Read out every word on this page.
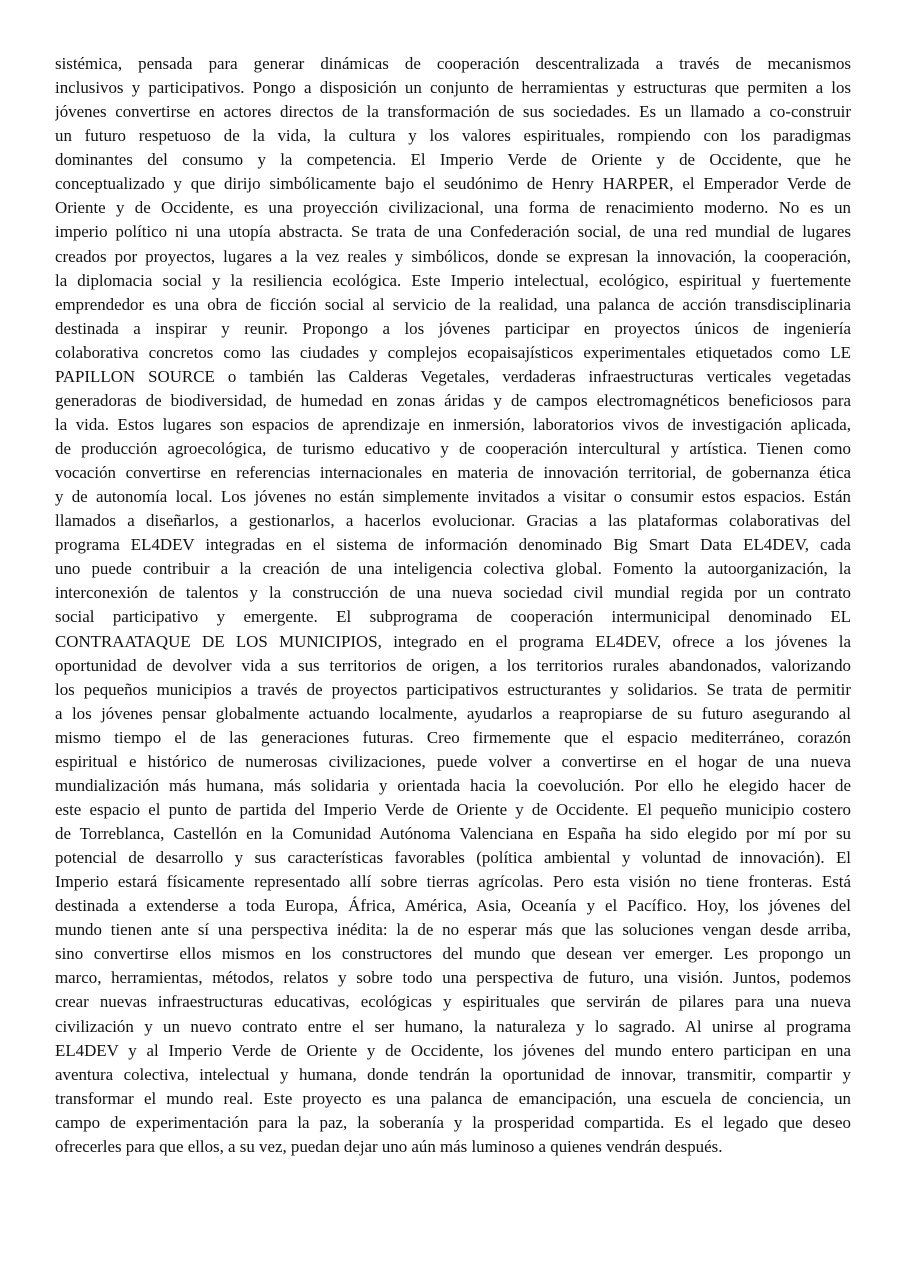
sistémica, pensada para generar dinámicas de cooperación descentralizada a través de mecanismos
inclusivos y participativos. Pongo a disposición un conjunto de herramientas y estructuras que permiten a los
jóvenes convertirse en actores directos de la transformación de sus sociedades. Es un llamado a co-construir
un futuro respetuoso de la vida, la cultura y los valores espirituales, rompiendo con los paradigmas
dominantes del consumo y la competencia. El Imperio Verde de Oriente y de Occidente, que he
conceptualizado y que dirijo simbólicamente bajo el seudónimo de Henry HARPER, el Emperador Verde de
Oriente y de Occidente, es una proyección civilizacional, una forma de renacimiento moderno. No es un
imperio político ni una utopía abstracta. Se trata de una Confederación social, de una red mundial de lugares
creados por proyectos, lugares a la vez reales y simbólicos, donde se expresan la innovación, la cooperación,
la diplomacia social y la resiliencia ecológica. Este Imperio intelectual, ecológico, espiritual y fuertemente
emprendedor es una obra de ficción social al servicio de la realidad, una palanca de acción transdisciplinaria
destinada a inspirar y reunir. Propongo a los jóvenes participar en proyectos únicos de ingeniería
colaborativa concretos como las ciudades y complejos ecopaisajísticos experimentales etiquetados como LE
PAPILLON SOURCE o también las Calderas Vegetales, verdaderas infraestructuras verticales vegetadas
generadoras de biodiversidad, de humedad en zonas áridas y de campos electromagnéticos beneficiosos para
la vida. Estos lugares son espacios de aprendizaje en inmersión, laboratorios vivos de investigación aplicada,
de producción agroecológica, de turismo educativo y de cooperación intercultural y artística. Tienen como
vocación convertirse en referencias internacionales en materia de innovación territorial, de gobernanza ética
y de autonomía local. Los jóvenes no están simplemente invitados a visitar o consumir estos espacios. Están
llamados a diseñarlos, a gestionarlos, a hacerlos evolucionar. Gracias a las plataformas colaborativas del
programa EL4DEV integradas en el sistema de información denominado Big Smart Data EL4DEV, cada
uno puede contribuir a la creación de una inteligencia colectiva global. Fomento la autoorganización, la
interconexión de talentos y la construcción de una nueva sociedad civil mundial regida por un contrato
social participativo y emergente. El subprograma de cooperación intermunicipal denominado EL
CONTRAATAQUE DE LOS MUNICIPIOS, integrado en el programa EL4DEV, ofrece a los jóvenes la
oportunidad de devolver vida a sus territorios de origen, a los territorios rurales abandonados, valorizando
los pequeños municipios a través de proyectos participativos estructurantes y solidarios. Se trata de permitir
a los jóvenes pensar globalmente actuando localmente, ayudarlos a reapropiarse de su futuro asegurando al
mismo tiempo el de las generaciones futuras. Creo firmemente que el espacio mediterráneo, corazón
espiritual e histórico de numerosas civilizaciones, puede volver a convertirse en el hogar de una nueva
mundialización más humana, más solidaria y orientada hacia la coevolución. Por ello he elegido hacer de
este espacio el punto de partida del Imperio Verde de Oriente y de Occidente. El pequeño municipio costero
de Torreblanca, Castellón en la Comunidad Autónoma Valenciana en España ha sido elegido por mí por su
potencial de desarrollo y sus características favorables (política ambiental y voluntad de innovación). El
Imperio estará físicamente representado allí sobre tierras agrícolas. Pero esta visión no tiene fronteras. Está
destinada a extenderse a toda Europa, África, América, Asia, Oceanía y el Pacífico. Hoy, los jóvenes del
mundo tienen ante sí una perspectiva inédita: la de no esperar más que las soluciones vengan desde arriba,
sino convertirse ellos mismos en los constructores del mundo que desean ver emerger. Les propongo un
marco, herramientas, métodos, relatos y sobre todo una perspectiva de futuro, una visión. Juntos, podemos
crear nuevas infraestructuras educativas, ecológicas y espirituales que servirán de pilares para una nueva
civilización y un nuevo contrato entre el ser humano, la naturaleza y lo sagrado. Al unirse al programa
EL4DEV y al Imperio Verde de Oriente y de Occidente, los jóvenes del mundo entero participan en una
aventura colectiva, intelectual y humana, donde tendrán la oportunidad de innovar, transmitir, compartir y
transformar el mundo real. Este proyecto es una palanca de emancipación, una escuela de conciencia, un
campo de experimentación para la paz, la soberanía y la prosperidad compartida. Es el legado que deseo
ofrecerles para que ellos, a su vez, puedan dejar uno aún más luminoso a quienes vendrán después.
